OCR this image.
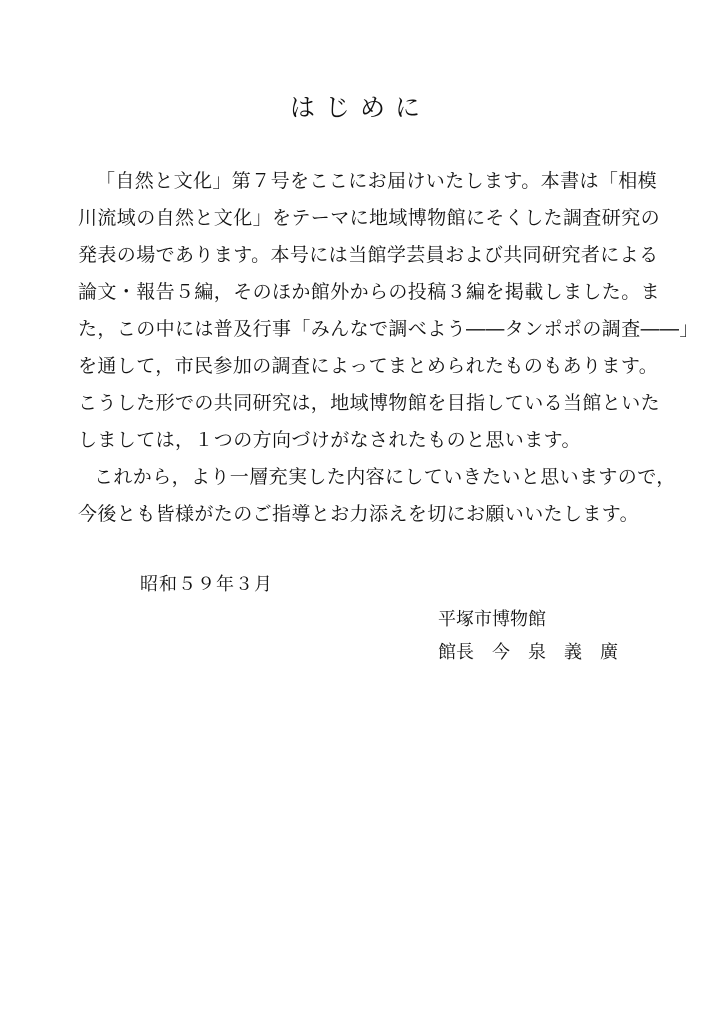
はじめに

「自然と文化」第７号をここにお届けいたします。本書は「相模

川流域の自然と文化」をテーマに地域博物館にそくした調査研究の

発表の場であります。本号には当館学芸員および共同研究者による

論文・報告５編，そのほか館外からの投稿３編を掲載しました。ま

た，この中には普及行事「みんなで調べよう――タンポポの調査――」

を通して，市民参加の調査によってまとめられたものもあります。

こうした形での共同研究は，地域博物館を目指している当館といた

しましては，１つの方向づけがなされたものと思います。

これから，より一層充実した内容にしていきたいと思いますので，

今後とも皆様がたのご指導とお力添えを切にお願いいたします。

昭和５９年３月

平塚市博物館

館長 今泉義廣
